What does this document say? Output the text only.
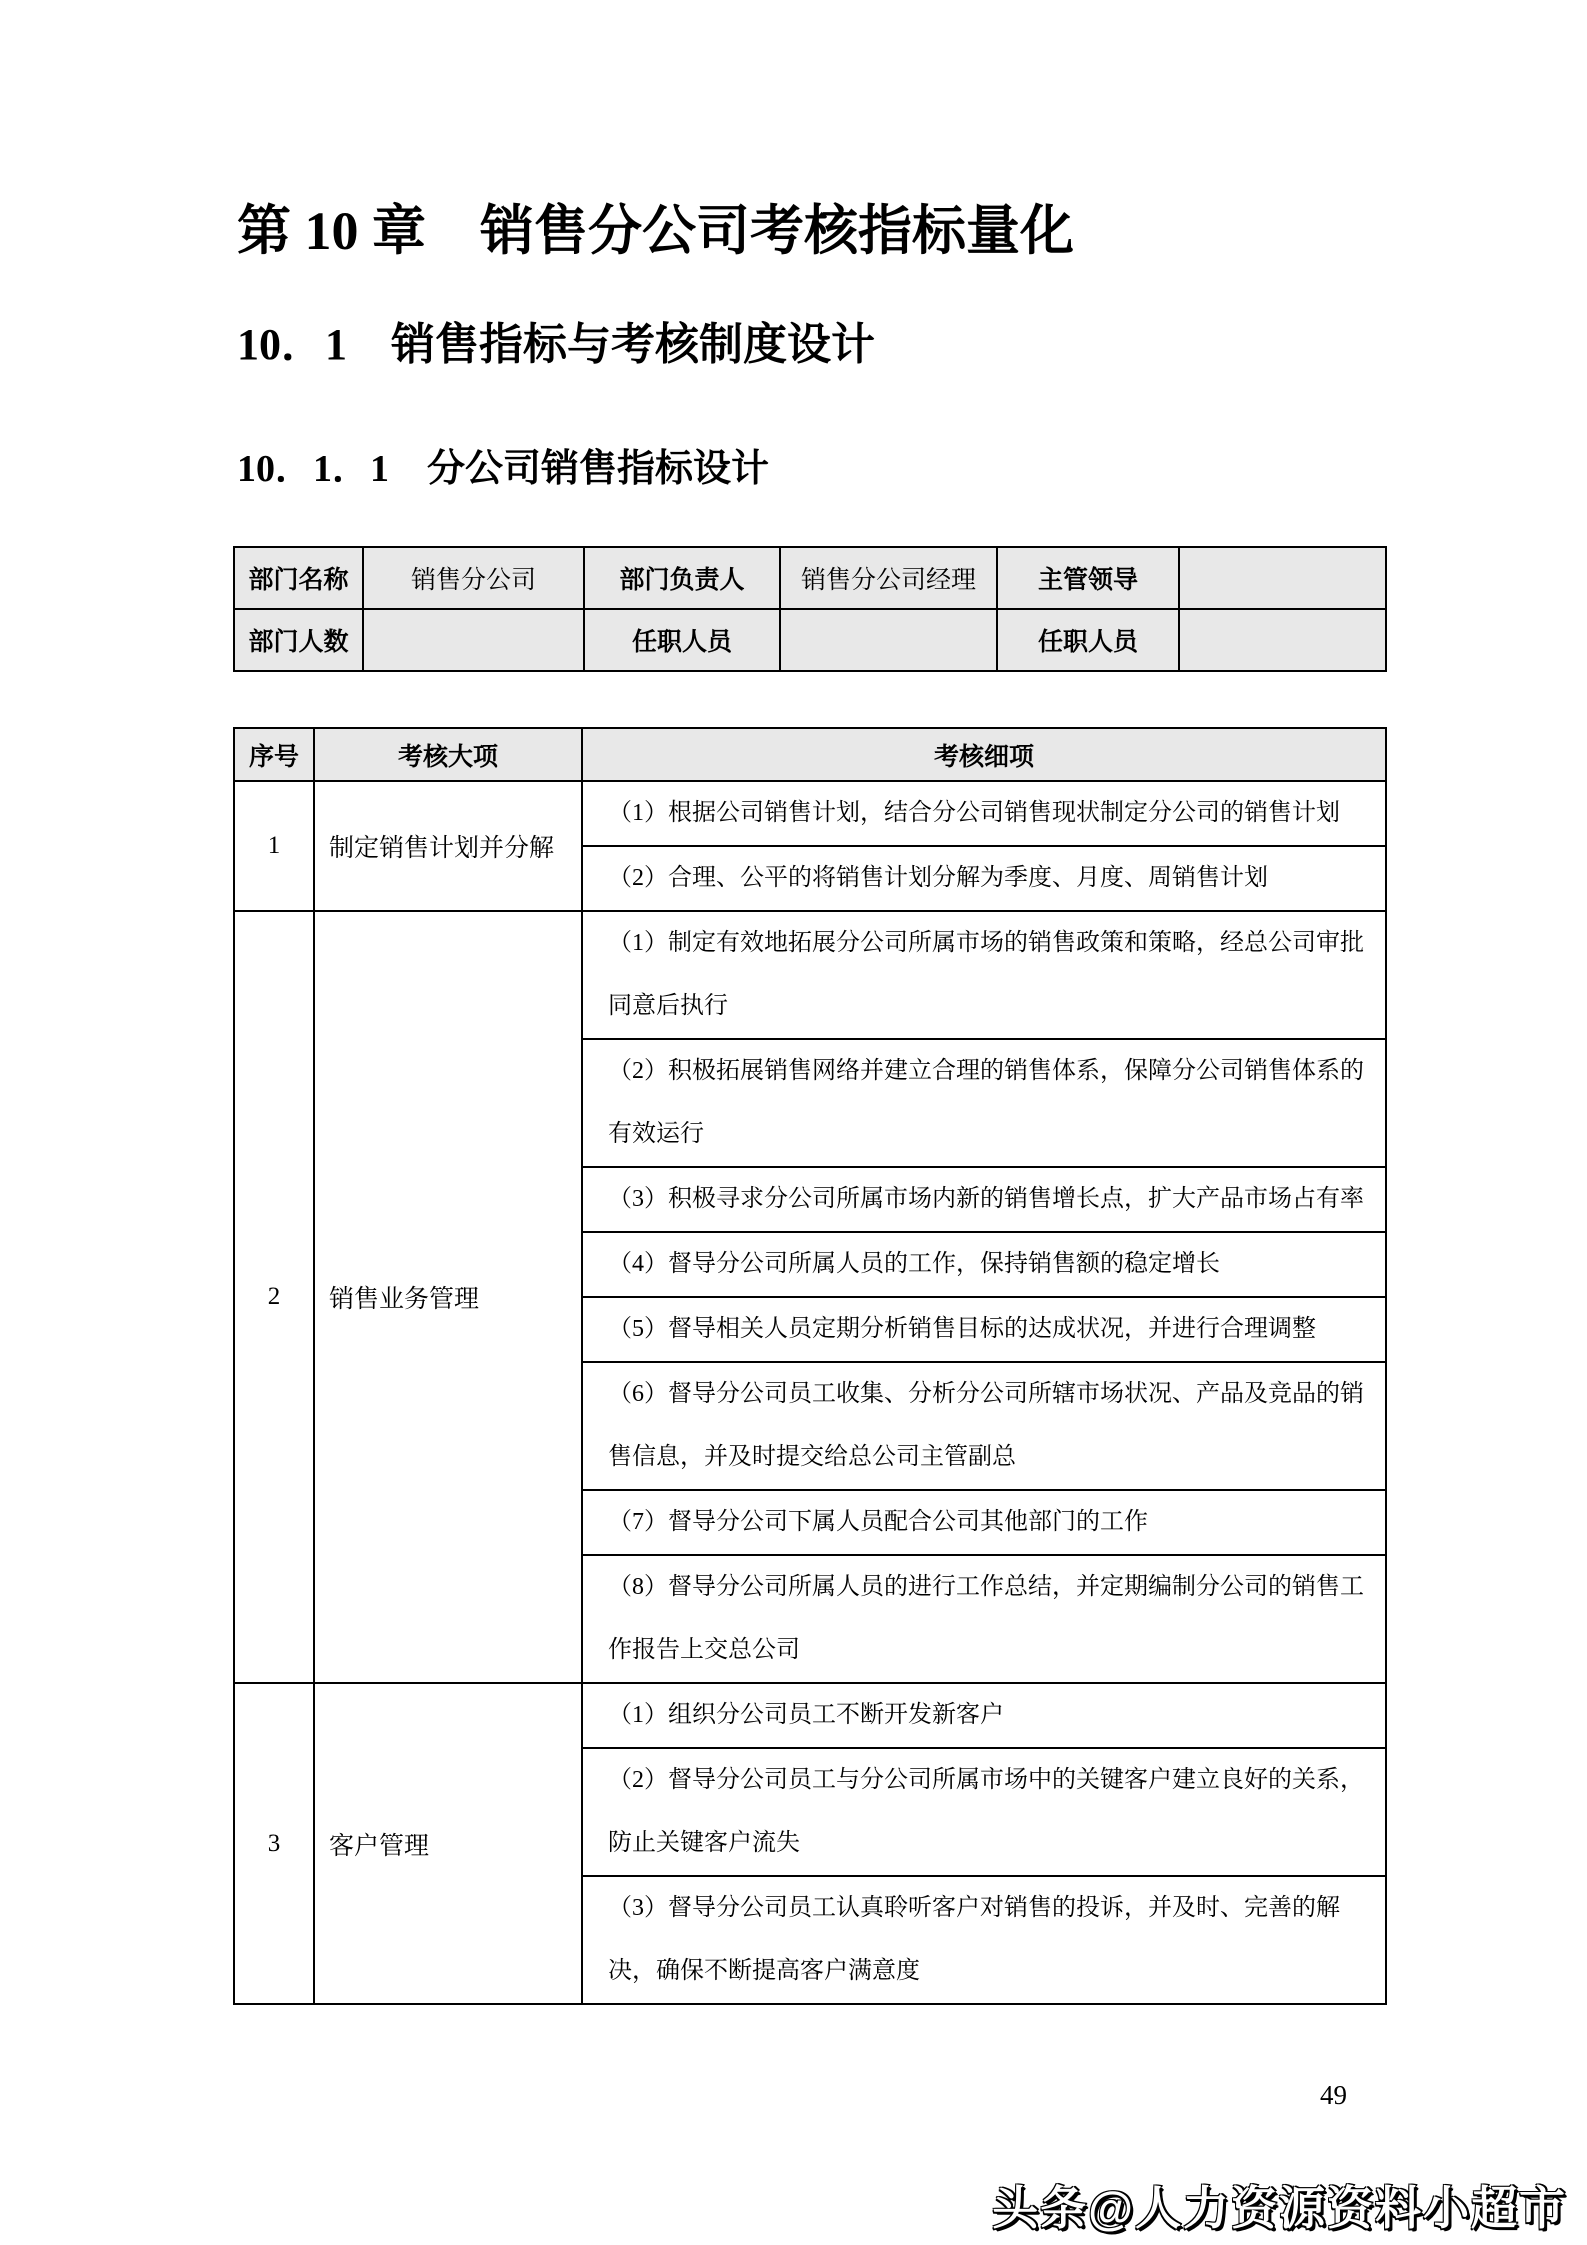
第 10 章　销售分公司考核指标量化
10．1　销售指标与考核制度设计
10．1．1　分公司销售指标设计
部门名称	销售分公司	部门负责人	销售分公司经理	主管领导	
部门人数		任职人员		任职人员	
序号	考核大项	考核细项
1	制定销售计划并分解	（1）根据公司销售计划，结合分公司销售现状制定分公司的销售计划
		（2）合理、公平的将销售计划分解为季度、月度、周销售计划
2	销售业务管理	（1）制定有效地拓展分公司所属市场的销售政策和策略，经总公司审批同意后执行
		（2）积极拓展销售网络并建立合理的销售体系，保障分公司销售体系的有效运行
		（3）积极寻求分公司所属市场内新的销售增长点，扩大产品市场占有率
		（4）督导分公司所属人员的工作，保持销售额的稳定增长
		（5）督导相关人员定期分析销售目标的达成状况，并进行合理调整
		（6）督导分公司员工收集、分析分公司所辖市场状况、产品及竞品的销售信息，并及时提交给总公司主管副总
		（7）督导分公司下属人员配合公司其他部门的工作
		（8）督导分公司所属人员的进行工作总结，并定期编制分公司的销售工作报告上交总公司
3	客户管理	（1）组织分公司员工不断开发新客户
		（2）督导分公司员工与分公司所属市场中的关键客户建立良好的关系，防止关键客户流失
		（3）督导分公司员工认真聆听客户对销售的投诉，并及时、完善的解决，确保不断提高客户满意度
49
头条@人力资源资料小超市
